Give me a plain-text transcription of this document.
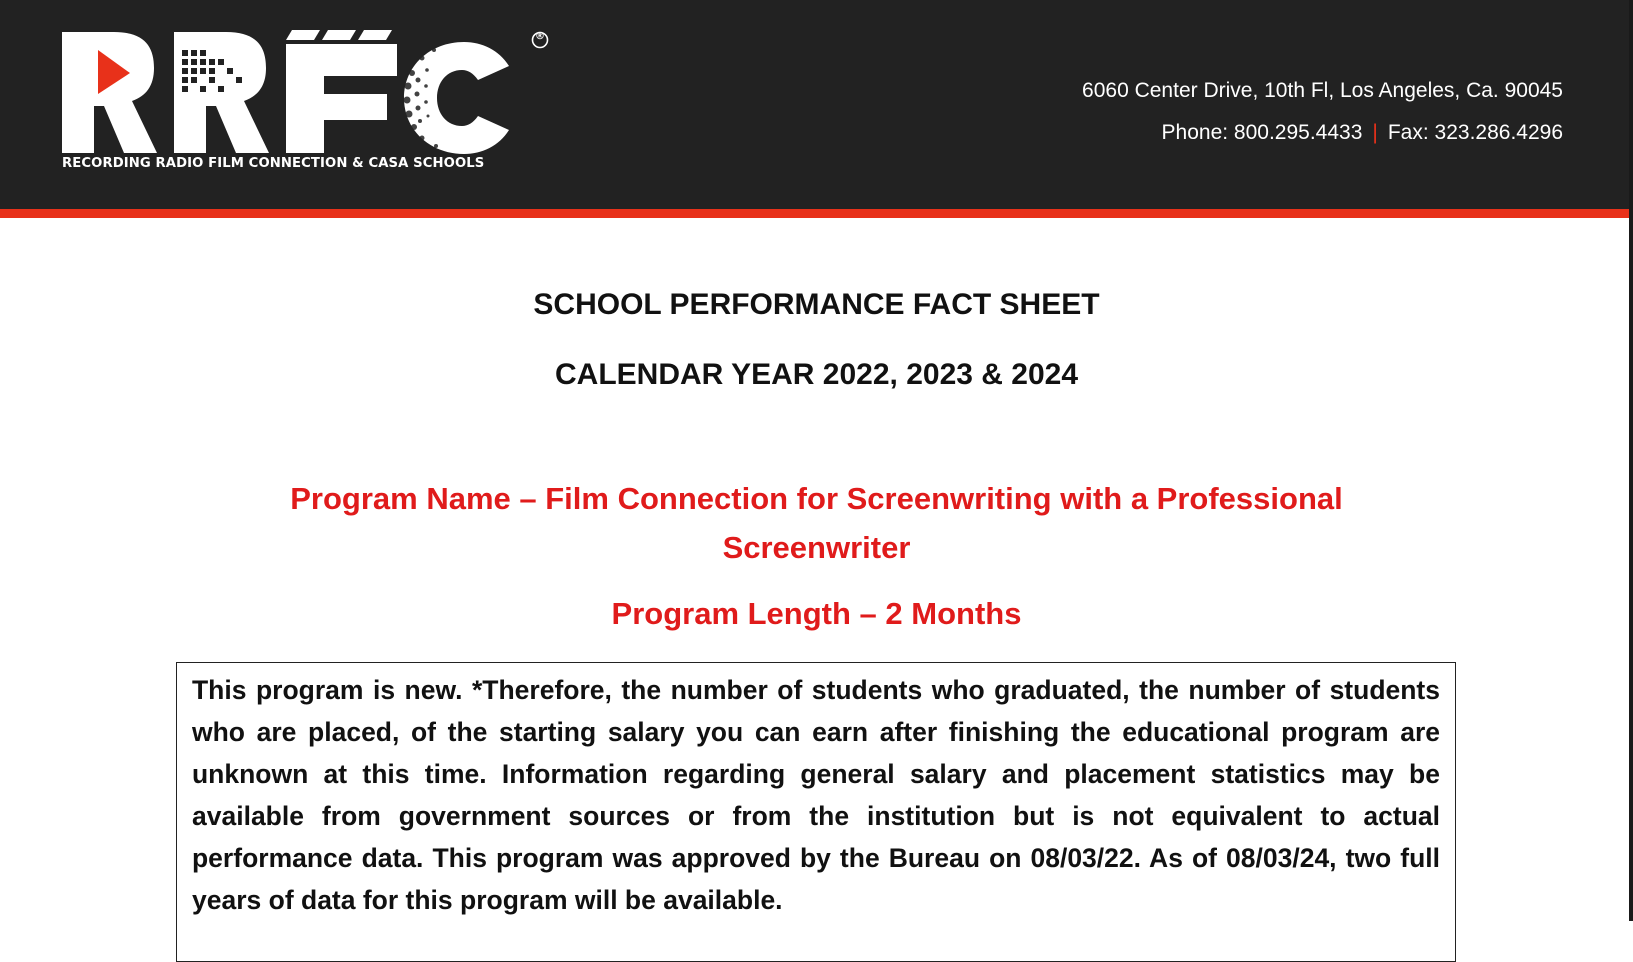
®
RECORDING RADIO FILM CONNECTION & CASA SCHOOLS
6060 Center Drive, 10th Fl, Los Angeles, Ca. 90045
Phone: 800.295.4433 | Fax: 323.286.4296
SCHOOL PERFORMANCE FACT SHEET
CALENDAR YEAR 2022, 2023 & 2024
Program Name – Film Connection for Screenwriting with a Professional Screenwriter
Program Length – 2 Months
This program is new. *Therefore, the number of students who graduated, the number of students who are placed, of the starting salary you can earn after finishing the educational program are unknown at this time. Information regarding general salary and placement statistics may be available from government sources or from the institution but is not equivalent to actual performance data. This program was approved by the Bureau on 08/03/22. As of 08/03/24, two full years of data for this program will be available.
